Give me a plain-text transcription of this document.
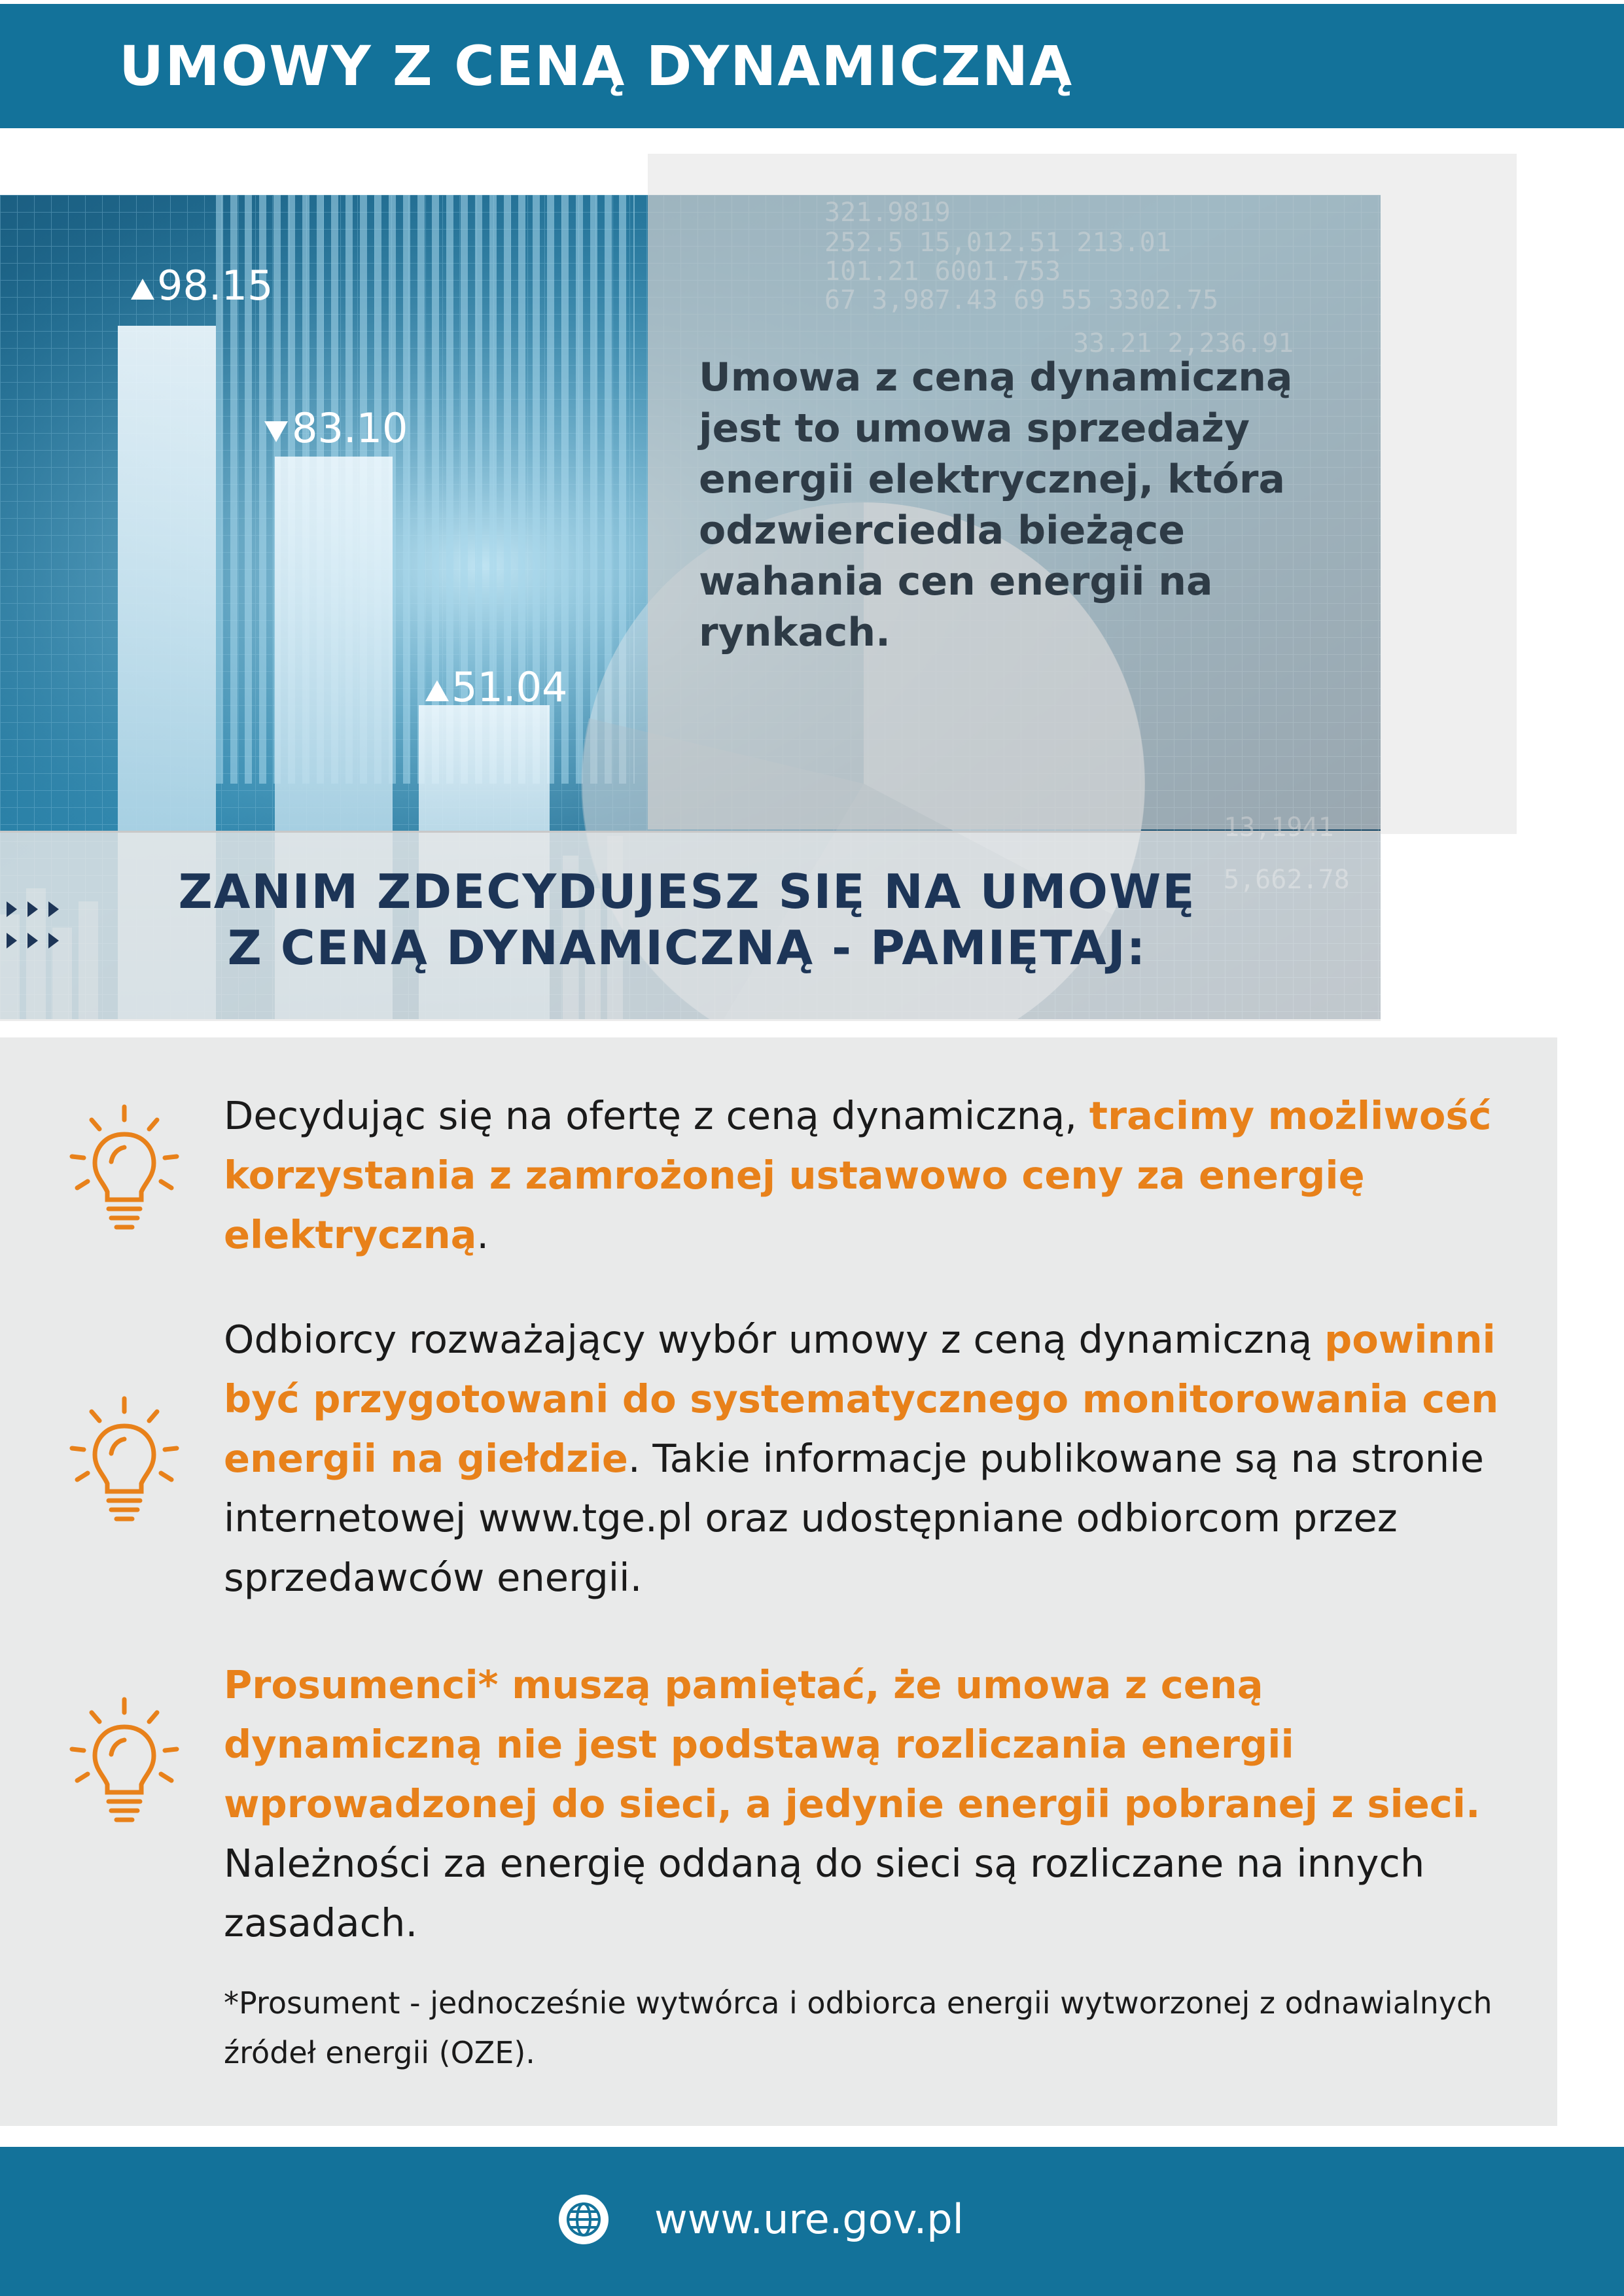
UMOWY Z CENĄ DYNAMICZNĄ
98.15
83.10
51.04
Umowa z ceną dynamiczną jest to umowa sprzedaży energii elektrycznej, która odzwierciedla bieżące wahania cen energii na rynkach.
ZANIM ZDECYDUJESZ SIĘ NA UMOWĘ
Z CENĄ DYNAMICZNĄ - PAMIĘTAJ:
Decydując się na ofertę z ceną dynamiczną, tracimy możliwość korzystania z zamrożonej ustawowo ceny za energię elektryczną.
Odbiorcy rozważający wybór umowy z ceną dynamiczną powinni być przygotowani do systematycznego monitorowania cen energii na giełdzie. Takie informacje publikowane są na stronie internetowej www.tge.pl oraz udostępniane odbiorcom przez sprzedawców energii.
Prosumenci* muszą pamiętać, że umowa z ceną dynamiczną nie jest podstawą rozliczania energii wprowadzonej do sieci, a jedynie energii pobranej z sieci. Należności za energię oddaną do sieci są rozliczane na innych zasadach.
*Prosument - jednocześnie wytwórca i odbiorca energii wytworzonej z odnawialnych źródeł energii (OZE).
www.ure.gov.pl
